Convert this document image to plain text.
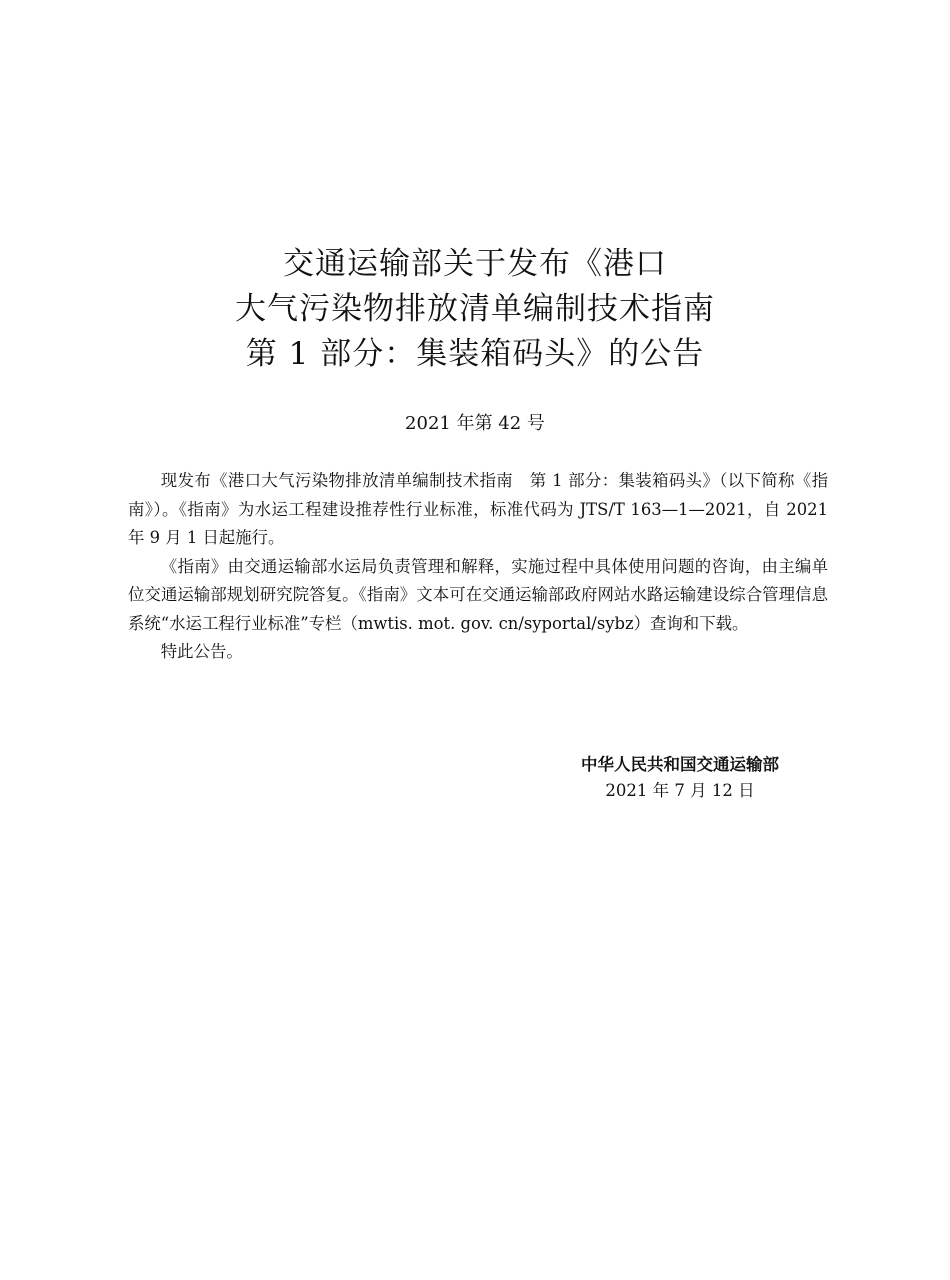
交通运输部关于发布《港口
大气污染物排放清单编制技术指南
第 1 部分：集装箱码头》的公告
2021 年第 42 号

现发布《港口大气污染物排放清单编制技术指南　第 1 部分：集装箱码头》（以下简称《指南》）。《指南》为水运工程建设推荐性行业标准，标准代码为 JTS/T 163—1—2021，自 2021 年 9 月 1 日起施行。

《指南》由交通运输部水运局负责管理和解释，实施过程中具体使用问题的咨询，由主编单位交通运输部规划研究院答复。《指南》文本可在交通运输部政府网站水路运输建设综合管理信息系统“水运工程行业标准”专栏（mwtis. mot. gov. cn/syportal/sybz）查询和下载。

特此公告。

中华人民共和国交通运输部
2021 年 7 月 12 日
